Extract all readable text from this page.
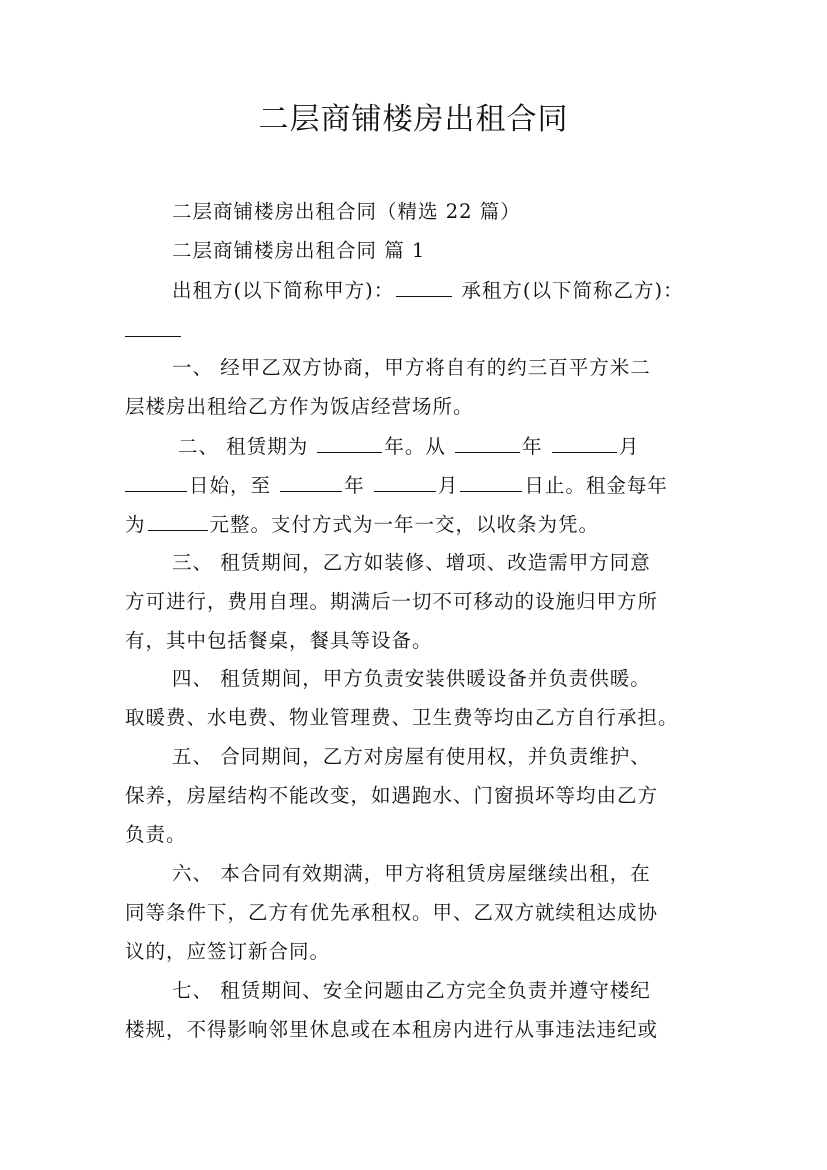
二层商铺楼房出租合同
二层商铺楼房出租合同（精选 22 篇）
二层商铺楼房出租合同 篇 1
出租方(以下简称甲方)：	承租方(以下简称乙方)：
一、 经甲乙双方协商，甲方将自有的约三百平方米二
层楼房出租给乙方作为饭店经营场所。
二、 租赁期为	年。从	年	月
日始，至	年	月	日止。租金每年
为	元整。支付方式为一年一交，以收条为凭。
三、 租赁期间，乙方如装修、增项、改造需甲方同意
方可进行，费用自理。期满后一切不可移动的设施归甲方所
有，其中包括餐桌，餐具等设备。
四、 租赁期间，甲方负责安装供暖设备并负责供暖。
取暖费、水电费、物业管理费、卫生费等均由乙方自行承担。
五、 合同期间，乙方对房屋有使用权，并负责维护、
保养，房屋结构不能改变，如遇跑水、门窗损坏等均由乙方
负责。
六、 本合同有效期满，甲方将租赁房屋继续出租，在
同等条件下，乙方有优先承租权。甲、乙双方就续租达成协
议的，应签订新合同。
七、 租赁期间、安全问题由乙方完全负责并遵守楼纪
楼规，不得影响邻里休息或在本租房内进行从事违法违纪或
